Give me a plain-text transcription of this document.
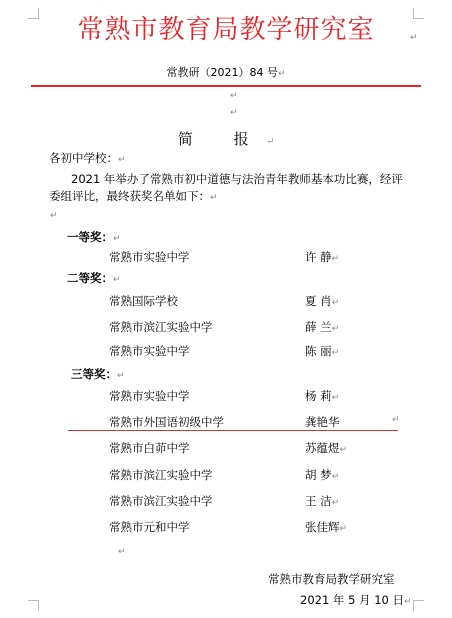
常熟市教育局教学研究室	↵
常教研（2021）84 号↵
↵
↵
简 报↵
各初中学校：↵
2021 年举办了常熟市初中道德与法治青年教师基本功比赛，经评
委组评比，最终获奖名单如下：↵
↵
一等奖：↵
常熟市实验中学	许 静↵
二等奖：↵
常熟国际学校	夏 肖↵
常熟市滨江实验中学	薛 兰↵
常熟市实验中学	陈 丽↵
三等奖：↵
常熟市实验中学	杨 莉↵
常熟市外国语初级中学	龚艳华	↵
常熟市白茆中学	苏蕴煜↵
常熟市滨江实验中学	胡 梦↵
常熟市滨江实验中学	王 洁↵
常熟市元和中学	张佳辉↵
↵
常熟市教育局教学研究室
2021 年 5 月 10 日↵
